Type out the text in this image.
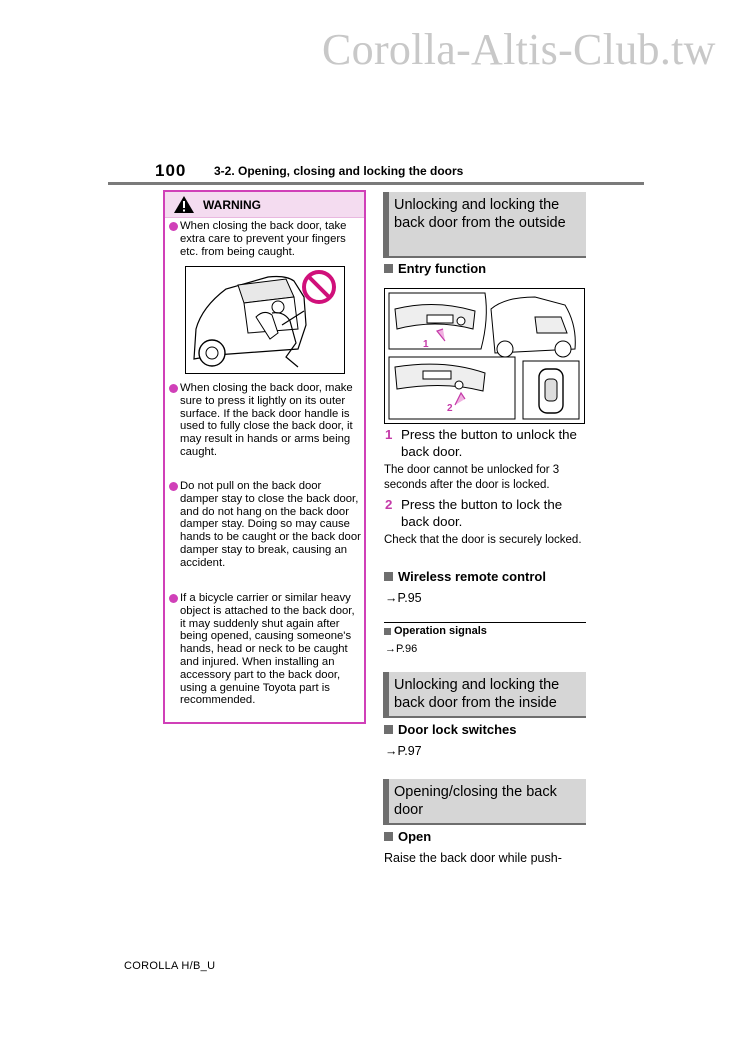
Corolla-Altis-Club.tw
100 3-2. Opening, closing and locking the doors
WARNING
When closing the back door, take extra care to prevent your fingers etc. from being caught.
When closing the back door, make sure to press it lightly on its outer surface. If the back door handle is used to fully close the back door, it may result in hands or arms being caught.
Do not pull on the back door damper stay to close the back door, and do not hang on the back door damper stay. Doing so may cause hands to be caught or the back door damper stay to break, causing an accident.
If a bicycle carrier or similar heavy object is attached to the back door, it may suddenly shut again after being opened, causing someone's hands, head or neck to be caught and injured. When installing an accessory part to the back door, using a genuine Toyota part is recommended.
Unlocking and locking the back door from the outside
Entry function
1
2
1 Press the button to unlock the back door.
The door cannot be unlocked for 3 seconds after the door is locked.
2 Press the button to lock the back door.
Check that the door is securely locked.
Wireless remote control
→P.95
Operation signals
→P.96
Unlocking and locking the back door from the inside
Door lock switches
→P.97
Opening/closing the back door
Open
Raise the back door while push-
COROLLA H/B_U
